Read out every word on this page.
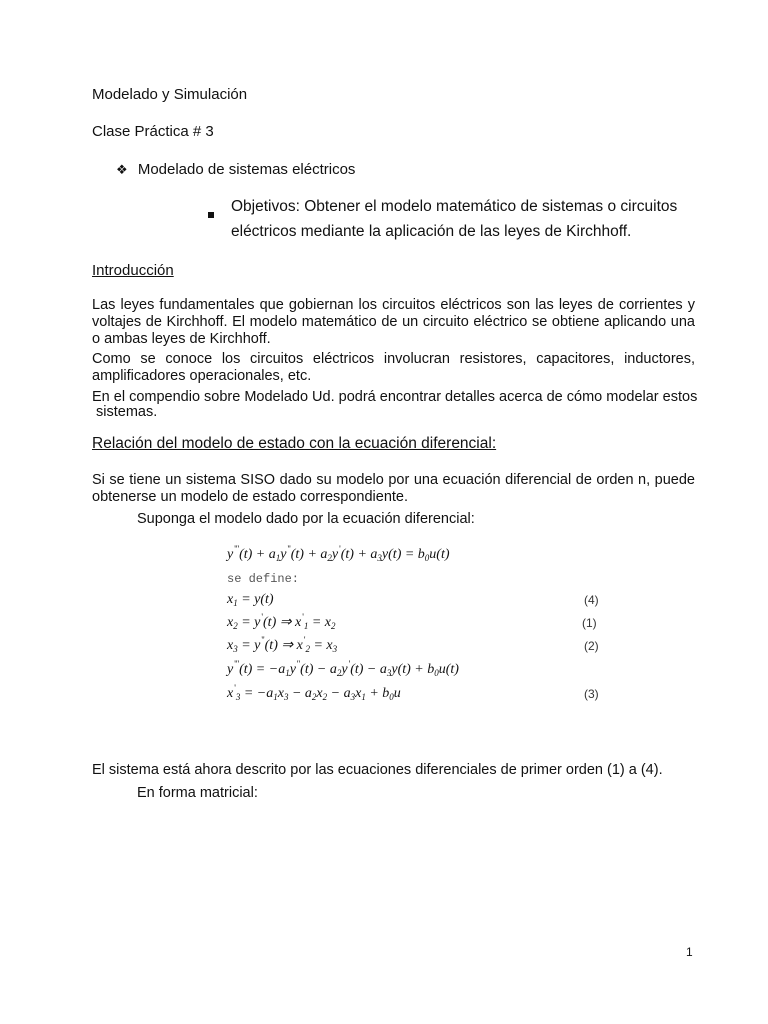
Modelado y Simulación
Clase Práctica # 3
❖ Modelado de sistemas eléctricos
Objetivos: Obtener el modelo matemático de sistemas o circuitos
eléctricos mediante la aplicación de las leyes de Kirchhoff.
Introducción
Las leyes fundamentales que gobiernan los circuitos eléctricos son las leyes de corrientes y voltajes de Kirchhoff. El modelo matemático de un circuito eléctrico se obtiene aplicando una o ambas leyes de Kirchhoff.
Como se conoce los circuitos eléctricos involucran resistores, capacitores, inductores, amplificadores operacionales, etc.
En el compendio sobre Modelado Ud. podrá encontrar detalles acerca de cómo modelar estos
sistemas.
Relación del modelo de estado con la ecuación diferencial:
Si se tiene un sistema SISO dado su modelo por una ecuación diferencial de orden n, puede obtenerse un modelo de estado correspondiente.
Suponga el modelo dado por la ecuación diferencial:
$y'''(t) + a_1y''(t) + a_2y'(t) + a_3y(t) = b_0u(t)$
se define:
$x_1 = y(t)$	(4)
$x_2 = y'(t)$ ⇒ $x'_1 = x_2$	(1)
$x_3 = y''(t)$ ⇒ $x'_2 = x_3$	(2)
$y'''(t) = -a_1y''(t) - a_2y'(t) - a_3y(t) + b_0u(t)$
$x'_3 = -a_1x_3 - a_2x_2 - a_3x_1 + b_0u$	(3)
El sistema está ahora descrito por las ecuaciones diferenciales de primer orden (1) a (4).
En forma matricial:
1
